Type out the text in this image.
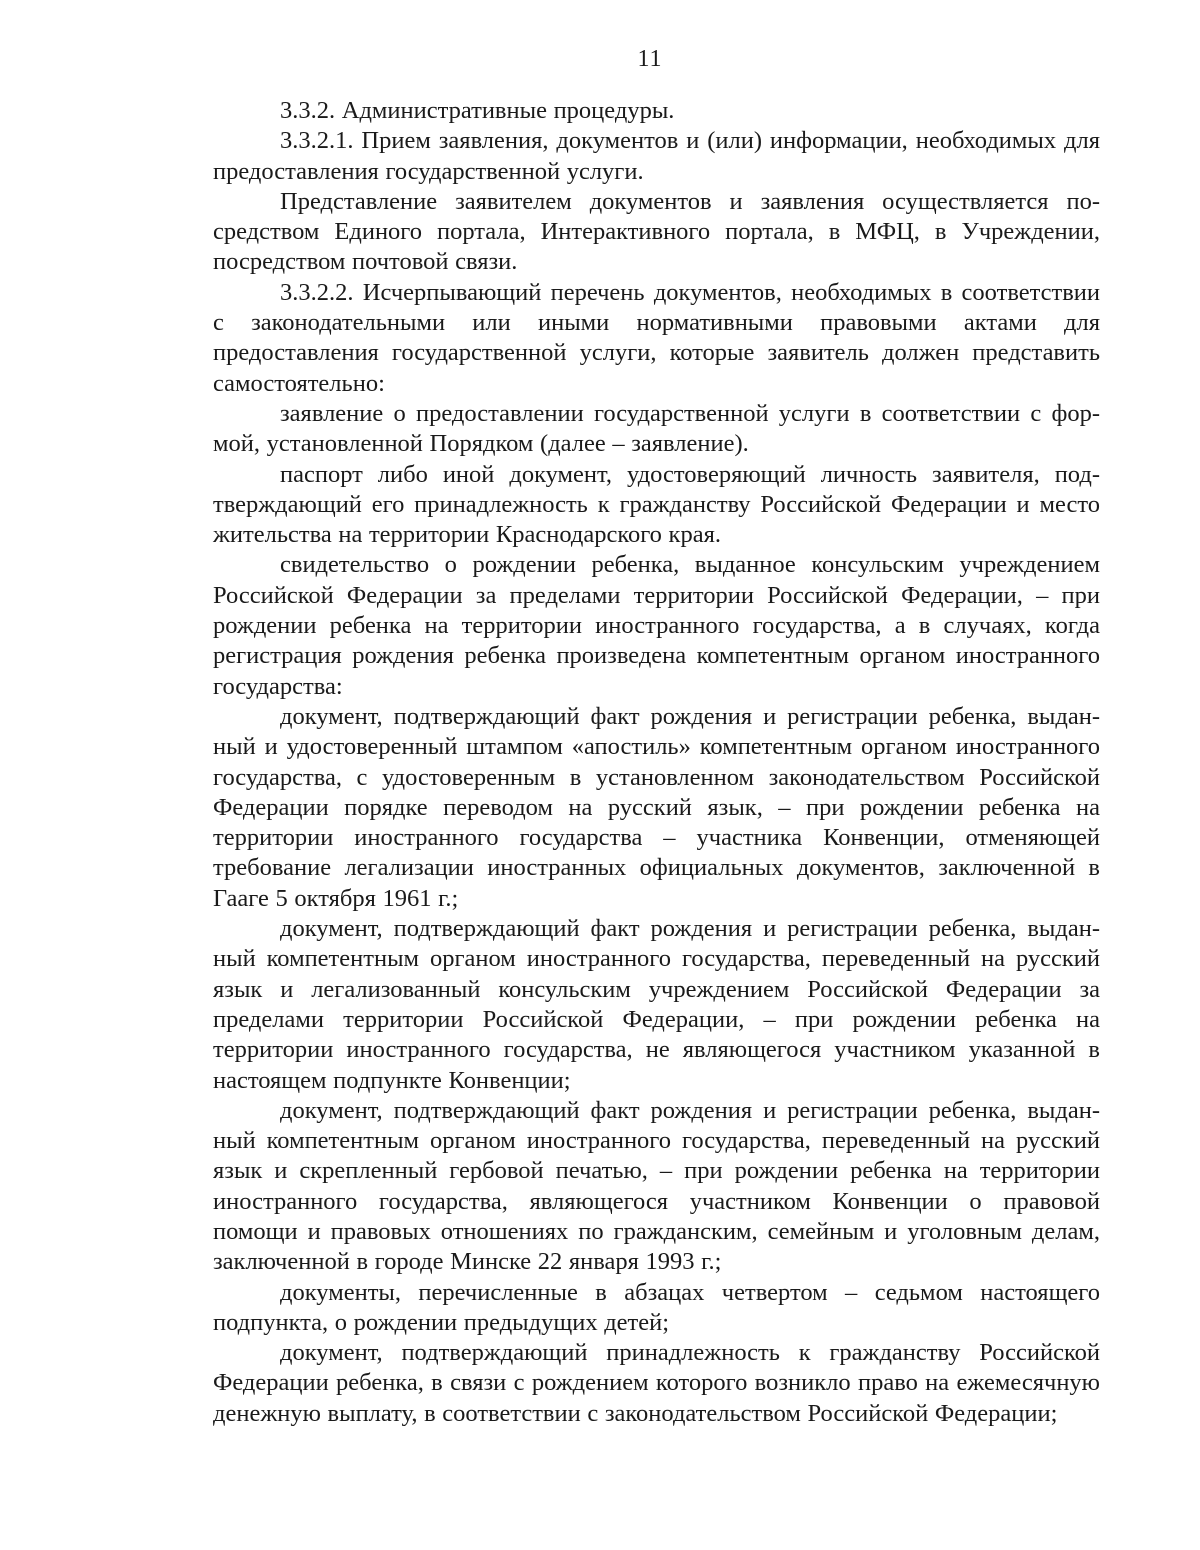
11

3.3.2. Административные процедуры.

3.3.2.1. Прием заявления, документов и (или) информации, необходимых для предоставления государственной услуги.

Представление заявителем документов и заявления осуществляется посредством Единого портала, Интерактивного портала, в МФЦ, в Учреждении, посредством почтовой связи.

3.3.2.2. Исчерпывающий перечень документов, необходимых в соответствии с законодательными или иными нормативными правовыми актами для предоставления государственной услуги, которые заявитель должен представить самостоятельно:

заявление о предоставлении государственной услуги в соответствии с формой, установленной Порядком (далее – заявление).

паспорт либо иной документ, удостоверяющий личность заявителя, подтверждающий его принадлежность к гражданству Российской Федерации и место жительства на территории Краснодарского края.

свидетельство о рождении ребенка, выданное консульским учреждением Российской Федерации за пределами территории Российской Федерации, – при рождении ребенка на территории иностранного государства, а в случаях, когда регистрация рождения ребенка произведена компетентным органом иностранного государства:

документ, подтверждающий факт рождения и регистрации ребенка, выданный и удостоверенный штампом «апостиль» компетентным органом иностранного государства, с удостоверенным в установленном законодательством Российской Федерации порядке переводом на русский язык, – при рождении ребенка на территории иностранного государства – участника Конвенции, отменяющей требование легализации иностранных официальных документов, заключенной в Гааге 5 октября 1961 г.;

документ, подтверждающий факт рождения и регистрации ребенка, выданный компетентным органом иностранного государства, переведенный на русский язык и легализованный консульским учреждением Российской Федерации за пределами территории Российской Федерации, – при рождении ребенка на территории иностранного государства, не являющегося участником указанной в настоящем подпункте Конвенции;

документ, подтверждающий факт рождения и регистрации ребенка, выданный компетентным органом иностранного государства, переведенный на русский язык и скрепленный гербовой печатью, – при рождении ребенка на территории иностранного государства, являющегося участником Конвенции о правовой помощи и правовых отношениях по гражданским, семейным и уголовным делам, заключенной в городе Минске 22 января 1993 г.;

документы, перечисленные в абзацах четвертом – седьмом настоящего подпункта, о рождении предыдущих детей;

документ, подтверждающий принадлежность к гражданству Российской Федерации ребенка, в связи с рождением которого возникло право на ежемесячную денежную выплату, в соответствии с законодательством Российской Федерации;
